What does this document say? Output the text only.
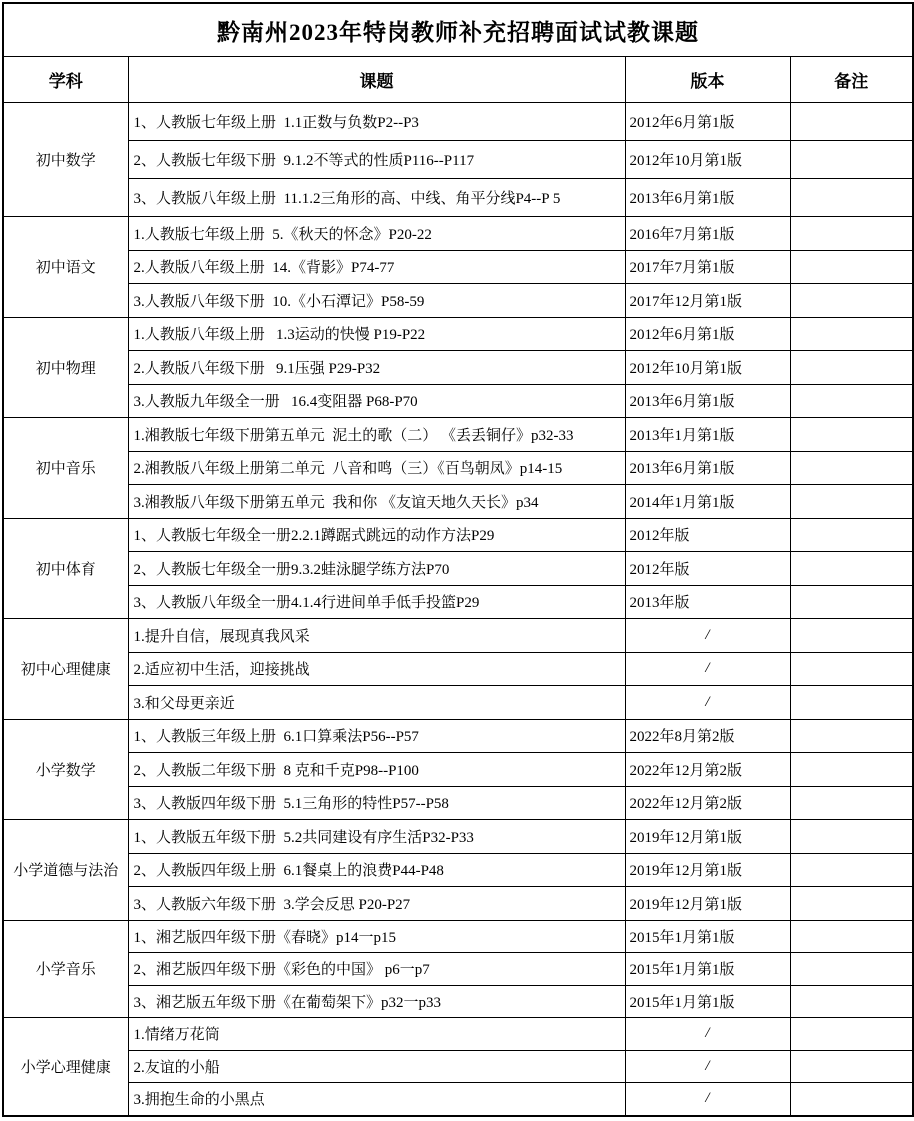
黔南州2023年特岗教师补充招聘面试试教课题			
学科	课题	版本	备注
初中数学	1、人教版七年级上册  1.1正数与负数P2--P3	2012年6月第1版	
	2、人教版七年级下册  9.1.2不等式的性质P116--P117	2012年10月第1版	
	3、人教版八年级上册  11.1.2三角形的高、中线、角平分线P4--P 5	2013年6月第1版	
初中语文	1.人教版七年级上册  5.《秋天的怀念》P20-22	2016年7月第1版	
	2.人教版八年级上册  14.《背影》P74-77	2017年7月第1版	
	3.人教版八年级下册  10.《小石潭记》P58-59	2017年12月第1版	
初中物理	1.人教版八年级上册   1.3运动的快慢 P19-P22	2012年6月第1版	
	2.人教版八年级下册   9.1压强 P29-P32	2012年10月第1版	
	3.人教版九年级全一册   16.4变阻器 P68-P70	2013年6月第1版	
初中音乐	1.湘教版七年级下册第五单元  泥土的歌（二） 《丢丢铜仔》p32-33	2013年1月第1版	
	2.湘教版八年级上册第二单元  八音和鸣（三）《百鸟朝凤》p14-15	2013年6月第1版	
	3.湘教版八年级下册第五单元  我和你 《友谊天地久天长》p34	2014年1月第1版	
初中体育	1、人教版七年级全一册2.2.1蹲踞式跳远的动作方法P29	2012年版	
	2、人教版七年级全一册9.3.2蛙泳腿学练方法P70	2012年版	
	3、人教版八年级全一册4.1.4行进间单手低手投篮P29	2013年版	
初中心理健康	1.提升自信，展现真我风采	/	
	2.适应初中生活，迎接挑战	/	
	3.和父母更亲近	/	
小学数学	1、人教版三年级上册  6.1口算乘法P56--P57	2022年8月第2版	
	2、人教版二年级下册  8 克和千克P98--P100	2022年12月第2版	
	3、人教版四年级下册  5.1三角形的特性P57--P58	2022年12月第2版	
小学道德与法治	1、人教版五年级下册  5.2共同建设有序生活P32-P33	2019年12月第1版	
	2、人教版四年级上册  6.1餐桌上的浪费P44-P48	2019年12月第1版	
	3、人教版六年级下册  3.学会反思 P20-P27	2019年12月第1版	
小学音乐	1、湘艺版四年级下册《春晓》p14一p15	2015年1月第1版	
	2、湘艺版四年级下册《彩色的中国》 p6一p7	2015年1月第1版	
	3、湘艺版五年级下册《在葡萄架下》p32一p33	2015年1月第1版	
小学心理健康	1.情绪万花筒	/	
	2.友谊的小船	/	
	3.拥抱生命的小黑点	/	
